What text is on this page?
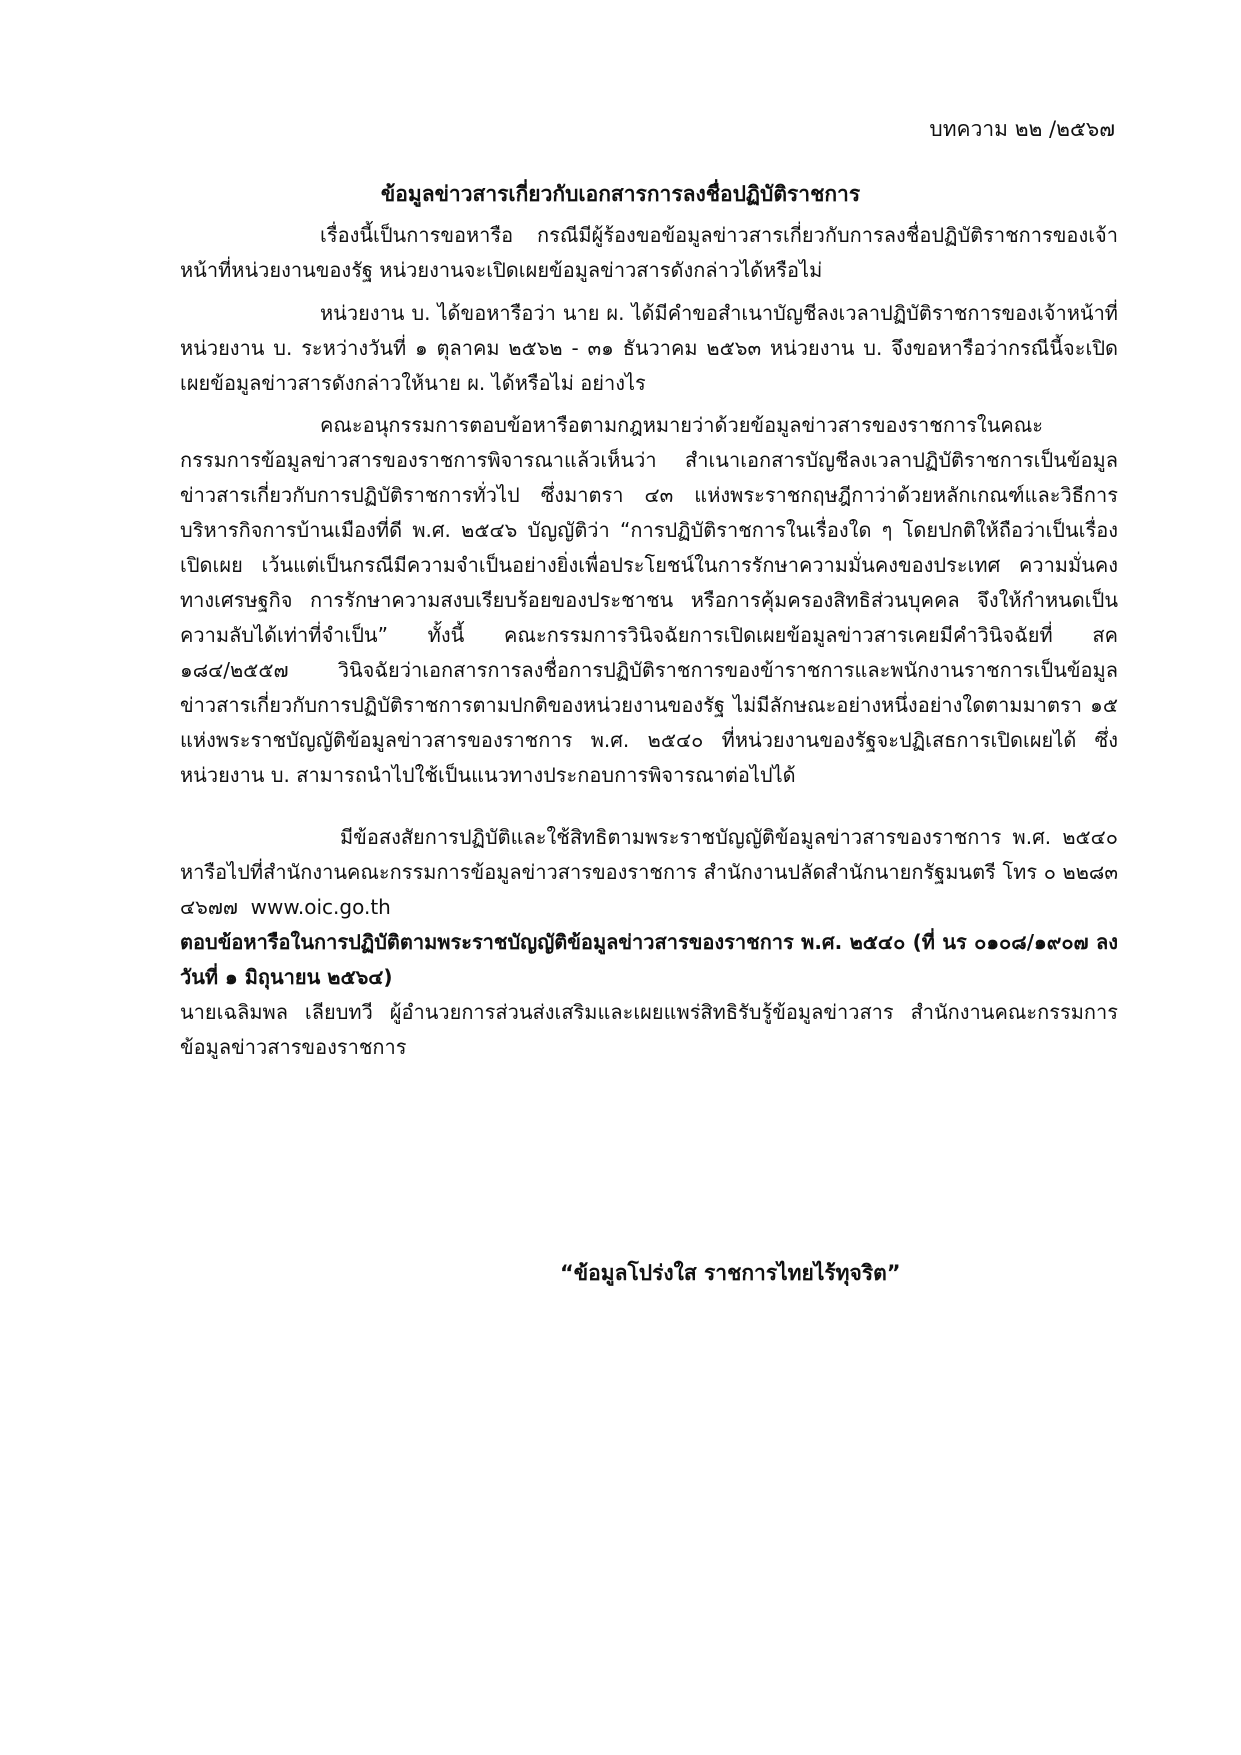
บทความ ๒๒ /๒๕๖๗
ข้อมูลข่าวสารเกี่ยวกับเอกสารการลงชื่อปฏิบัติราชการ

เรื่องนี้เป็นการขอหารือ กรณีมีผู้ร้องขอข้อมูลข่าวสารเกี่ยวกับการลงชื่อปฏิบัติราชการของเจ้าหน้าที่หน่วยงานของรัฐ หน่วยงานจะเปิดเผยข้อมูลข่าวสารดังกล่าวได้หรือไม่

หน่วยงาน บ. ได้ขอหารือว่า นาย ผ. ได้มีคำขอสำเนาบัญชีลงเวลาปฏิบัติราชการของเจ้าหน้าที่หน่วยงาน บ. ระหว่างวันที่ ๑ ตุลาคม ๒๕๖๒ - ๓๑ ธันวาคม ๒๕๖๓ หน่วยงาน บ. จึงขอหารือว่ากรณีนี้จะเปิดเผยข้อมูลข่าวสารดังกล่าวให้นาย ผ. ได้หรือไม่ อย่างไร

คณะอนุกรรมการตอบข้อหารือตามกฎหมายว่าด้วยข้อมูลข่าวสารของราชการในคณะกรรมการข้อมูลข่าวสารของราชการพิจารณาแล้วเห็นว่า สำเนาเอกสารบัญชีลงเวลาปฏิบัติราชการเป็นข้อมูลข่าวสารเกี่ยวกับการปฏิบัติราชการทั่วไป ซึ่งมาตรา ๔๓ แห่งพระราชกฤษฎีกาว่าด้วยหลักเกณฑ์และวิธีการบริหารกิจการบ้านเมืองที่ดี พ.ศ. ๒๕๔๖ บัญญัติว่า “การปฏิบัติราชการในเรื่องใด ๆ โดยปกติให้ถือว่าเป็นเรื่องเปิดเผย เว้นแต่เป็นกรณีมีความจำเป็นอย่างยิ่งเพื่อประโยชน์ในการรักษาความมั่นคงของประเทศ ความมั่นคงทางเศรษฐกิจ การรักษาความสงบเรียบร้อยของประชาชน หรือการคุ้มครองสิทธิส่วนบุคคล จึงให้กำหนดเป็นความลับได้เท่าที่จำเป็น” ทั้งนี้ คณะกรรมการวินิจฉัยการเปิดเผยข้อมูลข่าวสารเคยมีคำวินิจฉัยที่ สค ๑๘๔/๒๕๕๗ วินิจฉัยว่าเอกสารการลงชื่อการปฏิบัติราชการของข้าราชการและพนักงานราชการเป็นข้อมูลข่าวสารเกี่ยวกับการปฏิบัติราชการตามปกติของหน่วยงานของรัฐ ไม่มีลักษณะอย่างหนึ่งอย่างใดตามมาตรา ๑๕ แห่งพระราชบัญญัติข้อมูลข่าวสารของราชการ พ.ศ. ๒๕๔๐ ที่หน่วยงานของรัฐจะปฏิเสธการเปิดเผยได้ ซึ่งหน่วยงาน บ. สามารถนำไปใช้เป็นแนวทางประกอบการพิจารณาต่อไปได้

มีข้อสงสัยการปฏิบัติและใช้สิทธิตามพระราชบัญญัติข้อมูลข่าวสารของราชการ พ.ศ. ๒๕๔๐ หารือไปที่สำนักงานคณะกรรมการข้อมูลข่าวสารของราชการ สำนักงานปลัดสำนักนายกรัฐมนตรี โทร ๐ ๒๒๘๓ ๔๖๗๗ www.oic.go.th

ตอบข้อหารือในการปฏิบัติตามพระราชบัญญัติข้อมูลข่าวสารของราชการ พ.ศ. ๒๕๔๐ (ที่ นร ๐๑๐๘/๑๙๐๗ ลงวันที่ ๑ มิถุนายน ๒๕๖๔)

นายเฉลิมพล เลียบทวี ผู้อำนวยการส่วนส่งเสริมและเผยแพร่สิทธิรับรู้ข้อมูลข่าวสาร สำนักงานคณะกรรมการข้อมูลข่าวสารของราชการ

“ข้อมูลโปร่งใส ราชการไทยไร้ทุจริต”
